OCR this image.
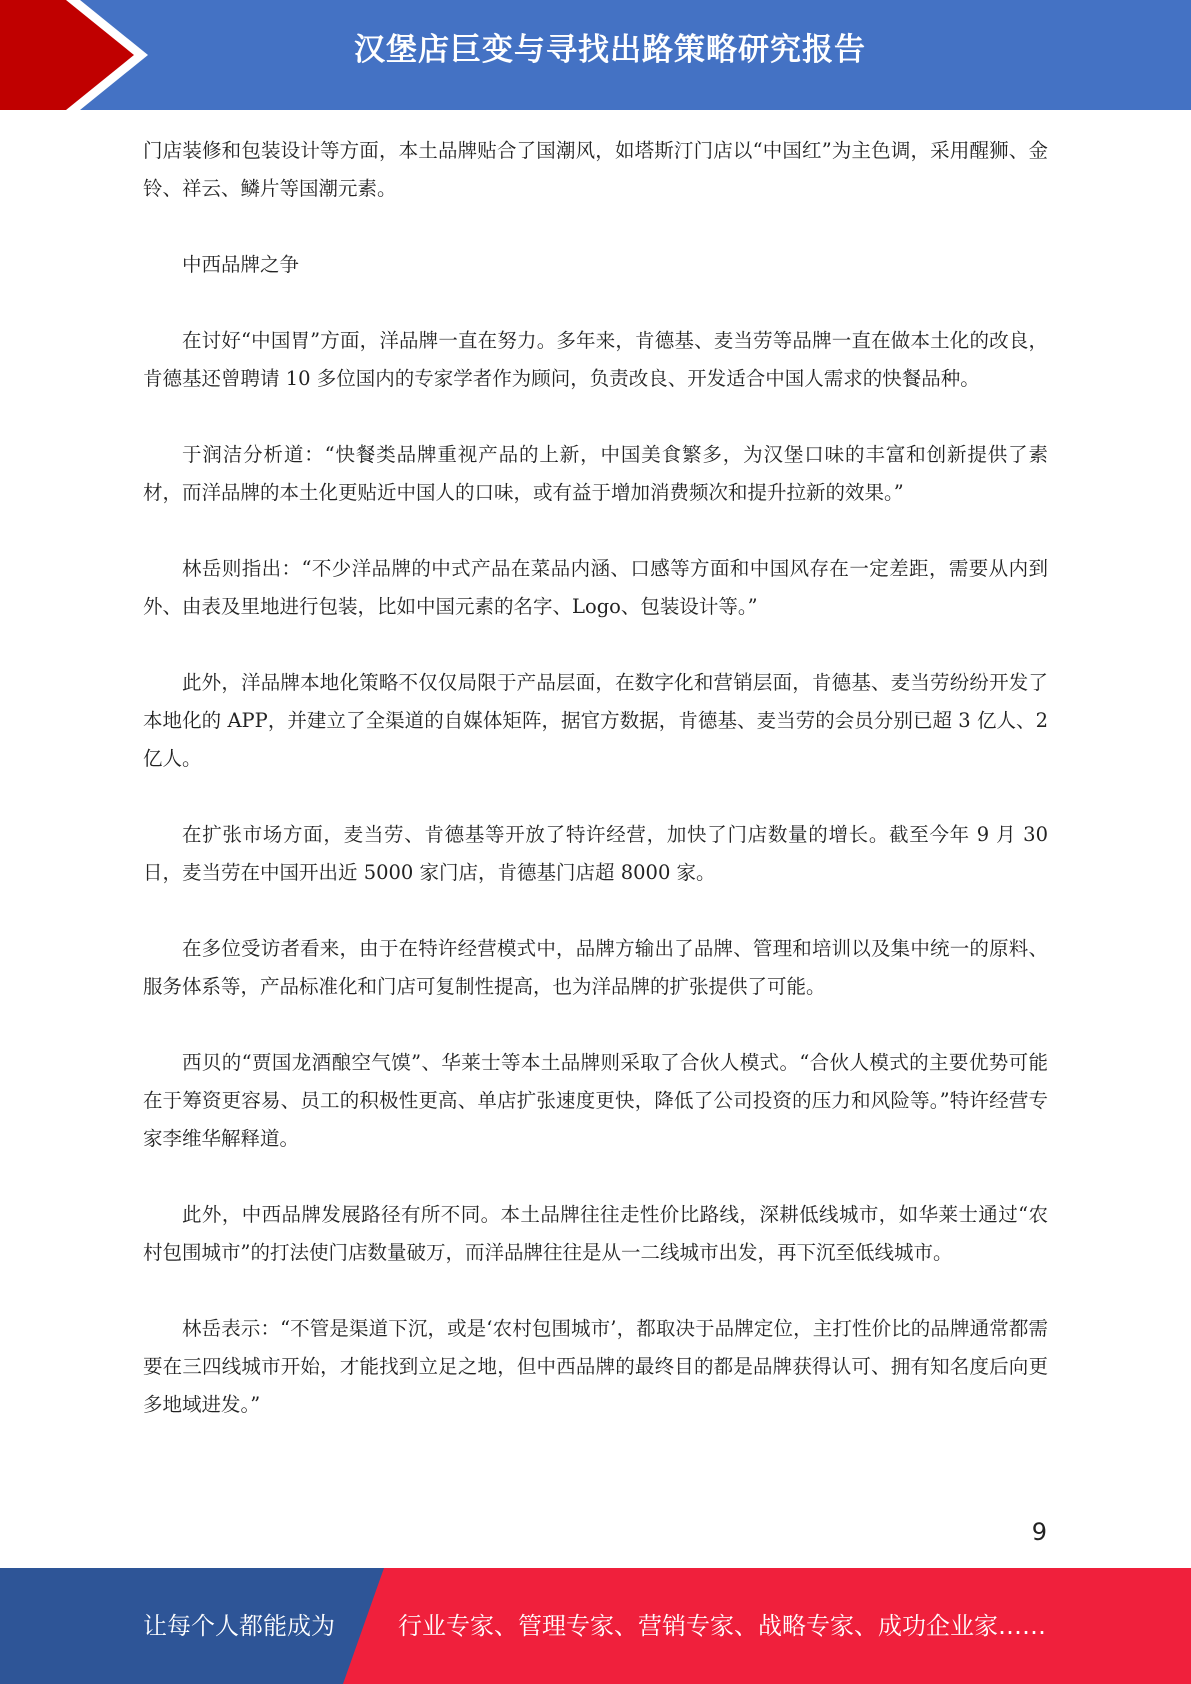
汉堡店巨变与寻找出路策略研究报告

门店装修和包装设计等方面，本土品牌贴合了国潮风，如塔斯汀门店以“中国红”为主色调，采用醒狮、金铃、祥云、鳞片等国潮元素。

中西品牌之争

在讨好“中国胃”方面，洋品牌一直在努力。多年来，肯德基、麦当劳等品牌一直在做本土化的改良，肯德基还曾聘请 10 多位国内的专家学者作为顾问，负责改良、开发适合中国人需求的快餐品种。

于润洁分析道：“快餐类品牌重视产品的上新，中国美食繁多，为汉堡口味的丰富和创新提供了素材，而洋品牌的本土化更贴近中国人的口味，或有益于增加消费频次和提升拉新的效果。”

林岳则指出：“不少洋品牌的中式产品在菜品内涵、口感等方面和中国风存在一定差距，需要从内到外、由表及里地进行包装，比如中国元素的名字、Logo、包装设计等。”

此外，洋品牌本地化策略不仅仅局限于产品层面，在数字化和营销层面，肯德基、麦当劳纷纷开发了本地化的 APP，并建立了全渠道的自媒体矩阵，据官方数据，肯德基、麦当劳的会员分别已超 3 亿人、2 亿人。

在扩张市场方面，麦当劳、肯德基等开放了特许经营，加快了门店数量的增长。截至今年 9 月 30 日，麦当劳在中国开出近 5000 家门店，肯德基门店超 8000 家。

在多位受访者看来，由于在特许经营模式中，品牌方输出了品牌、管理和培训以及集中统一的原料、服务体系等，产品标准化和门店可复制性提高，也为洋品牌的扩张提供了可能。

西贝的“贾国龙酒酿空气馍”、华莱士等本土品牌则采取了合伙人模式。“合伙人模式的主要优势可能在于筹资更容易、员工的积极性更高、单店扩张速度更快，降低了公司投资的压力和风险等。”特许经营专家李维华解释道。

此外，中西品牌发展路径有所不同。本土品牌往往走性价比路线，深耕低线城市，如华莱士通过“农村包围城市”的打法使门店数量破万，而洋品牌往往是从一二线城市出发，再下沉至低线城市。

林岳表示：“不管是渠道下沉，或是‘农村包围城市’，都取决于品牌定位，主打性价比的品牌通常都需要在三四线城市开始，才能找到立足之地，但中西品牌的最终目的都是品牌获得认可、拥有知名度后向更多地域进发。”

9
让每个人都能成为	行业专家、管理专家、营销专家、战略专家、成功企业家……
